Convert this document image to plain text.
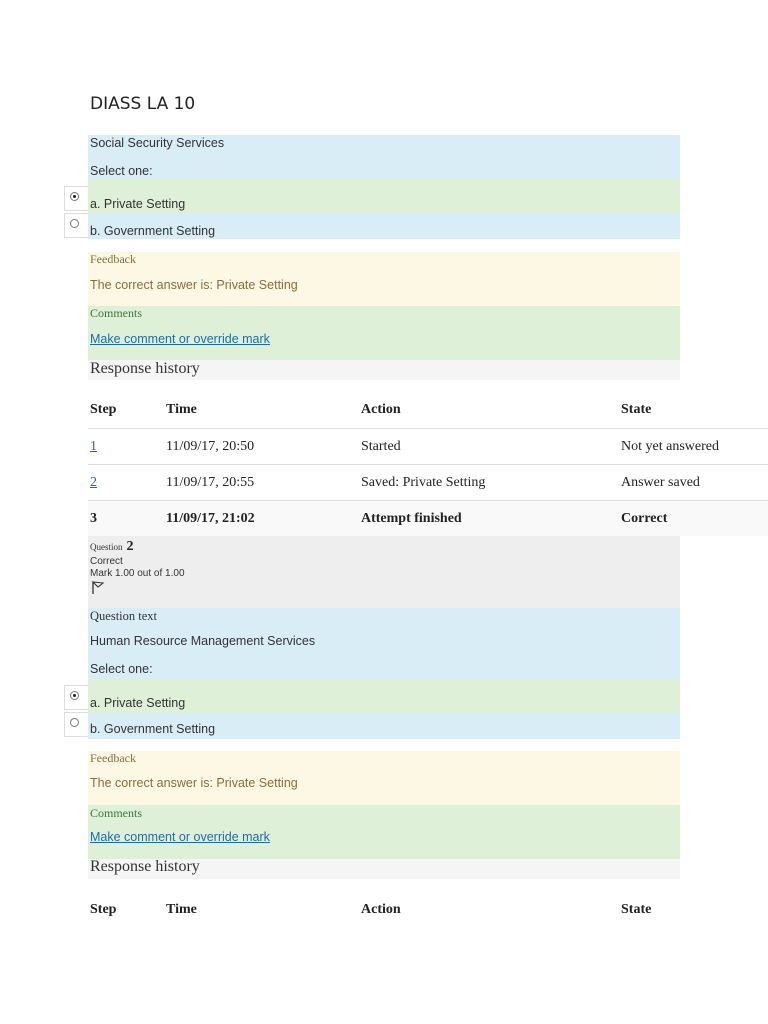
DIASS LA 10
Social Security Services
Select one:
a. Private Setting
b. Government Setting
Feedback
The correct answer is: Private Setting
Comments
Make comment or override mark
Response history
Step	Time	Action	State
1	11/09/17, 20:50	Started	Not yet answered
2	11/09/17, 20:55	Saved: Private Setting	Answer saved
3	11/09/17, 21:02	Attempt finished	Correct
Question 2
Correct
Mark 1.00 out of 1.00
Question text
Human Resource Management Services
Select one:
a. Private Setting
b. Government Setting
Feedback
The correct answer is: Private Setting
Comments
Make comment or override mark
Response history
Step	Time	Action	State
